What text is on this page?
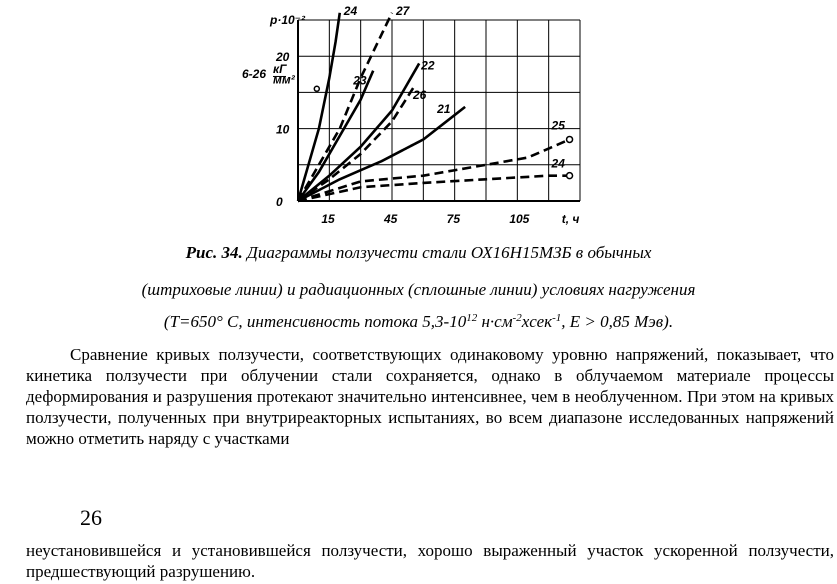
0
10
20
15	45	75	105
p·10⁻²
t, ч
24	27
23
22
26
21
25
24
6-26 кГ
мм²
Рис. 34. Диаграммы ползучести стали ОХ16Н15МЗБ в обычных
(штриховые линии) и радиационных (сплошные линии) условиях нагружения
(T=650° C, интенсивность потока $5,3-10^{12}$ $н\cdot см^{-2}xсек^{-1}$, E > 0,85 Мэв).

Сравнение кривых ползучести, соответствующих одинаковому уровню напряжений, показывает, что кинетика ползучести при облучении стали сохраняется, однако в облучаемом материале процессы деформирования и разрушения протекают значительно интенсивнее, чем в необлученном. При этом на кривых ползучести, полученных при внутриреакторных испытаниях, во всем диапазоне исследованных напряжений можно отметить наряду с участками

26

неустановившейся и установившейся ползучести, хорошо выраженный участок ускоренной ползучести, предшествующий разрушению.
